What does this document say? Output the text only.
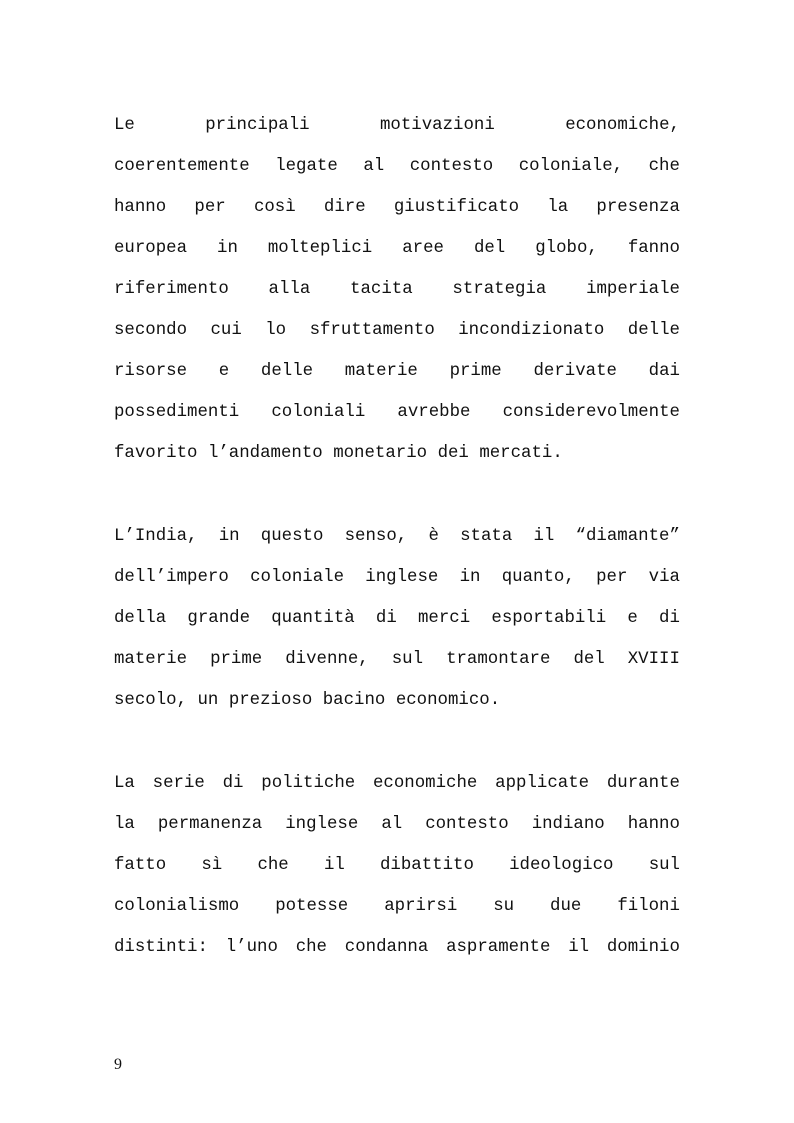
Le	principali	motivazioni	economiche,
coerentemente legate al contesto coloniale, che
hanno per così dire giustificato la presenza
europea in molteplici aree del globo, fanno
riferimento alla tacita strategia imperiale
secondo cui lo sfruttamento incondizionato delle
risorse e delle materie prime derivate dai
possedimenti coloniali avrebbe considerevolmente
favorito l’andamento monetario dei mercati.
L’India, in questo senso, è stata il “diamante”
dell’impero coloniale inglese in quanto, per via
della grande quantità di merci esportabili e di
materie prime divenne, sul tramontare del XVIII
secolo, un prezioso bacino economico.
La serie di politiche economiche applicate durante
la permanenza inglese al contesto indiano hanno
fatto sì che il dibattito ideologico sul
colonialismo potesse aprirsi su due filoni
distinti: l’uno che condanna aspramente il dominio
9
